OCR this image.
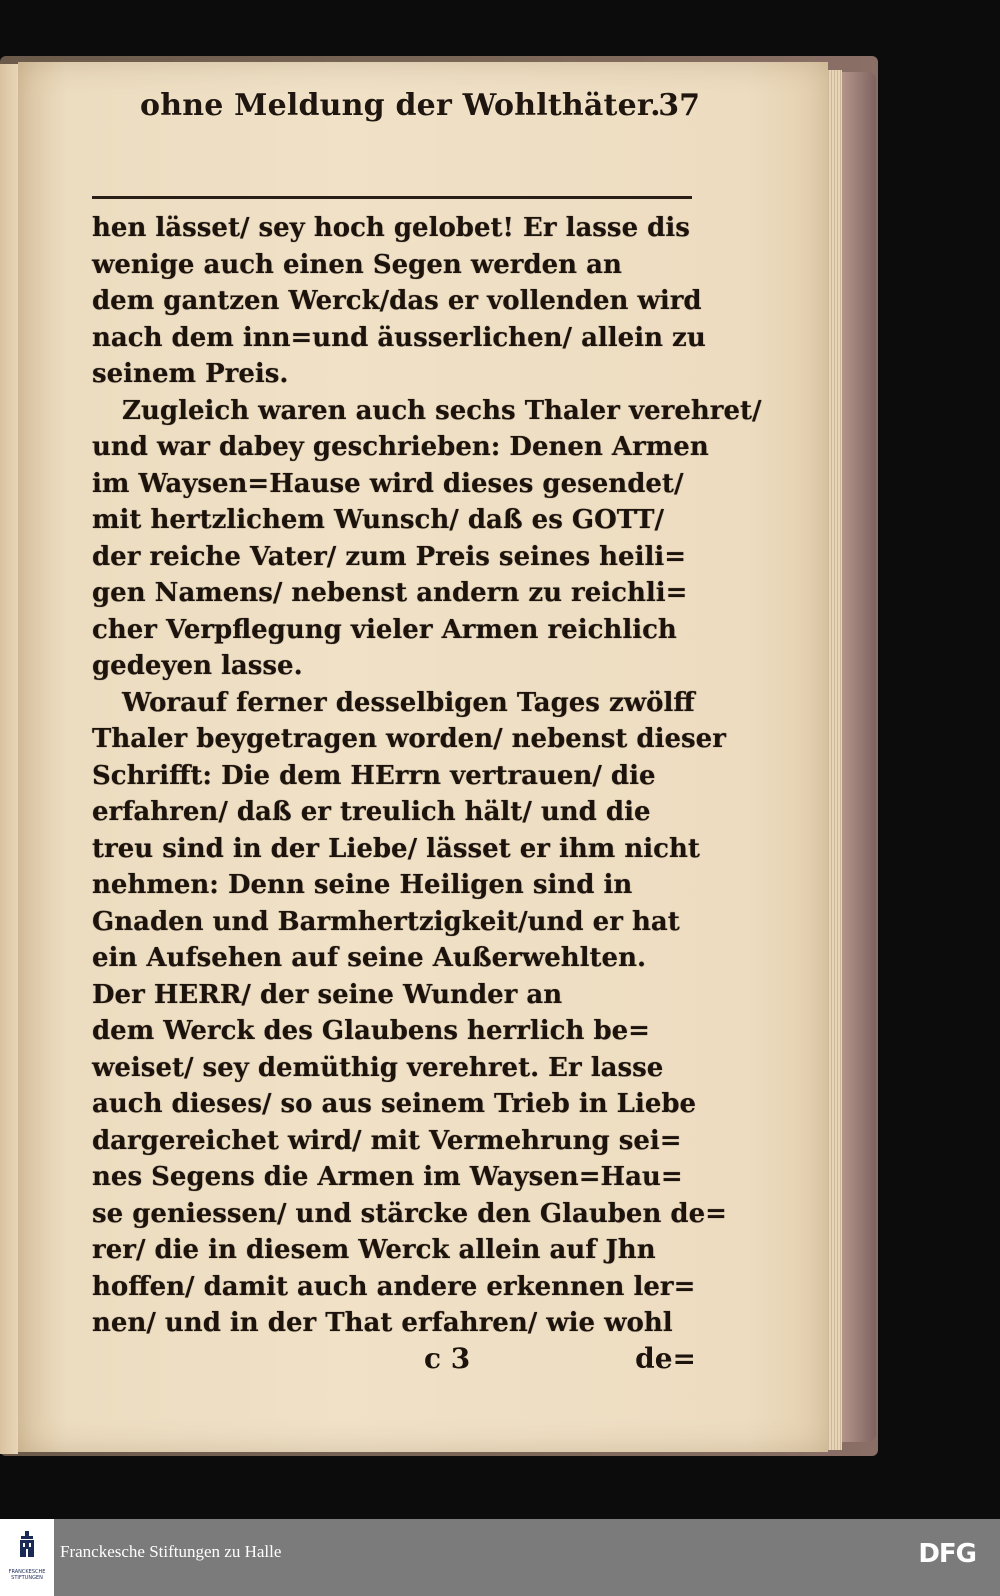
ohne Meldung der Wohlthäter.
37
hen lässet/ sey hoch gelobet! Er lasse dis
wenige auch einen Segen werden an
dem gantzen Werck/das er vollenden wird
nach dem inn=und äusserlichen/ allein zu
seinem Preis.
Zugleich waren auch sechs Thaler verehret/
und war dabey geschrieben: Denen Armen
im Waysen=Hause wird dieses gesendet/
mit hertzlichem Wunsch/ daß es GOTT/
der reiche Vater/ zum Preis seines heili=
gen Namens/ nebenst andern zu reichli=
cher Verpflegung vieler Armen reichlich
gedeyen lasse.
Worauf ferner desselbigen Tages zwölff
Thaler beygetragen worden/ nebenst dieser
Schrifft: Die dem HErrn vertrauen/ die
erfahren/ daß er treulich hält/ und die
treu sind in der Liebe/ lässet er ihm nicht
nehmen: Denn seine Heiligen sind in
Gnaden und Barmhertzigkeit/und er hat
ein Aufsehen auf seine Außerwehlten.
Der HERR/ der seine Wunder an
dem Werck des Glaubens herrlich be=
weiset/ sey demüthig verehret. Er lasse
auch dieses/ so aus seinem Trieb in Liebe
dargereichet wird/ mit Vermehrung sei=
nes Segens die Armen im Waysen=Hau=
se geniessen/ und stärcke den Glauben de=
rer/ die in diesem Werck allein auf Jhn
hoffen/ damit auch andere erkennen ler=
nen/ und in der That erfahren/ wie wohl
c 3	de=
FRANCKESCHE STIFTUNGEN
Franckesche Stiftungen zu Halle	DFG
